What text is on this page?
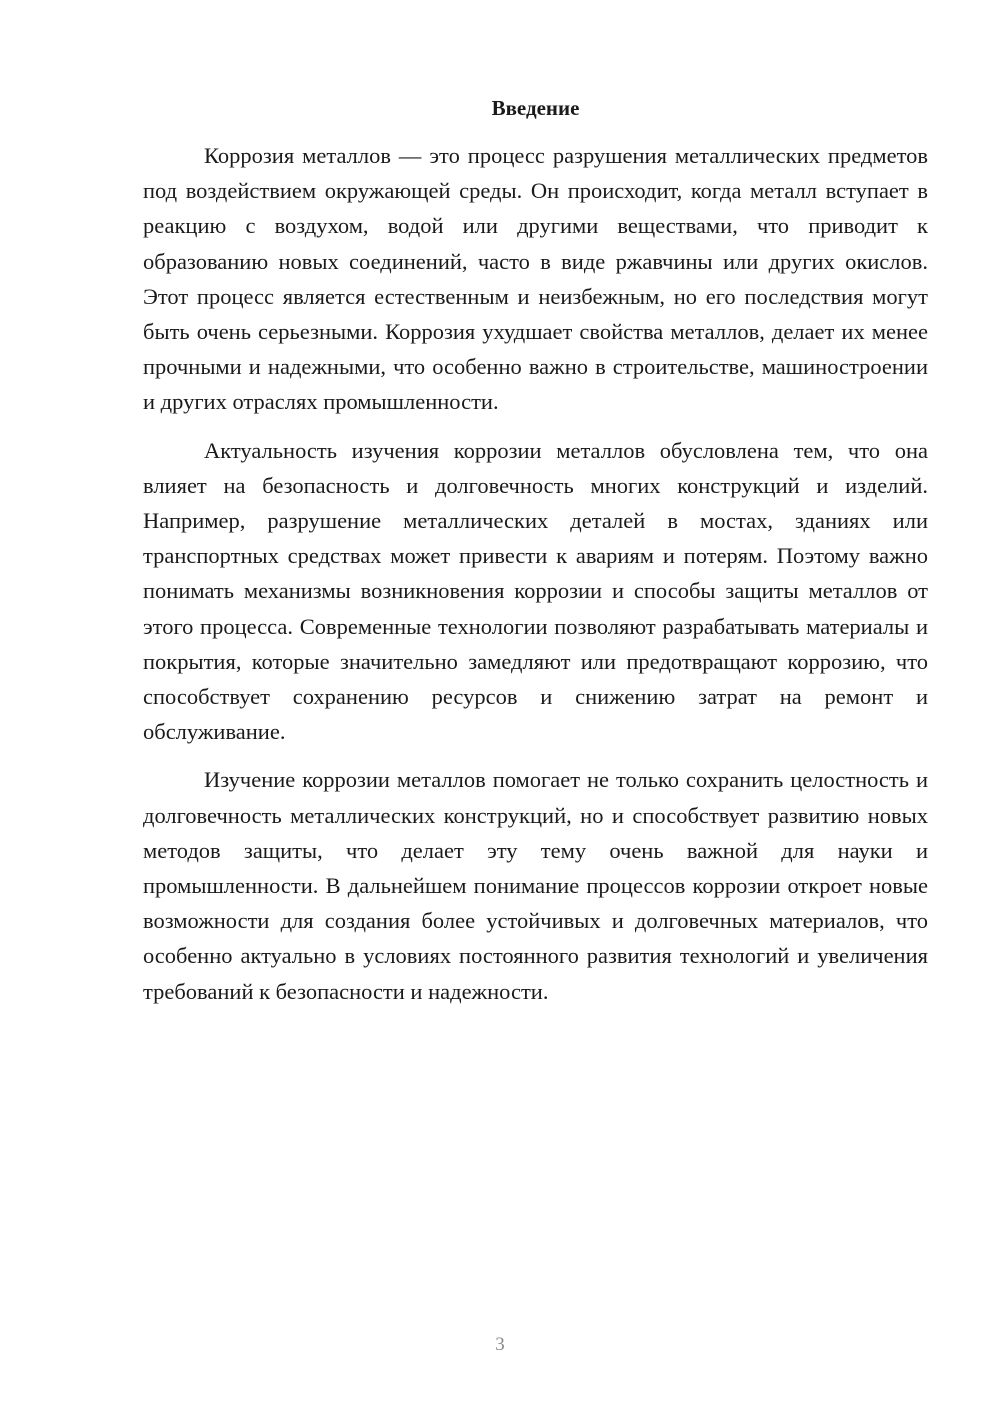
Введение

Коррозия металлов — это процесс разрушения металлических предметов под воздействием окружающей среды. Он происходит, когда металл вступает в реакцию с воздухом, водой или другими веществами, что приводит к образованию новых соединений, часто в виде ржавчины или других окислов. Этот процесс является естественным и неизбежным, но его последствия могут быть очень серьезными. Коррозия ухудшает свойства металлов, делает их менее прочными и надежными, что особенно важно в строительстве, машиностроении и других отраслях промышленности.

Актуальность изучения коррозии металлов обусловлена тем, что она влияет на безопасность и долговечность многих конструкций и изделий. Например, разрушение металлических деталей в мостах, зданиях или транспортных средствах может привести к авариям и потерям. Поэтому важно понимать механизмы возникновения коррозии и способы защиты металлов от этого процесса. Современные технологии позволяют разрабатывать материалы и покрытия, которые значительно замедляют или предотвращают коррозию, что способствует сохранению ресурсов и снижению затрат на ремонт и обслуживание.

Изучение коррозии металлов помогает не только сохранить целостность и долговечность металлических конструкций, но и способствует развитию новых методов защиты, что делает эту тему очень важной для науки и промышленности. В дальнейшем понимание процессов коррозии откроет новые возможности для создания более устойчивых и долговечных материалов, что особенно актуально в условиях постоянного развития технологий и увеличения требований к безопасности и надежности.

3
